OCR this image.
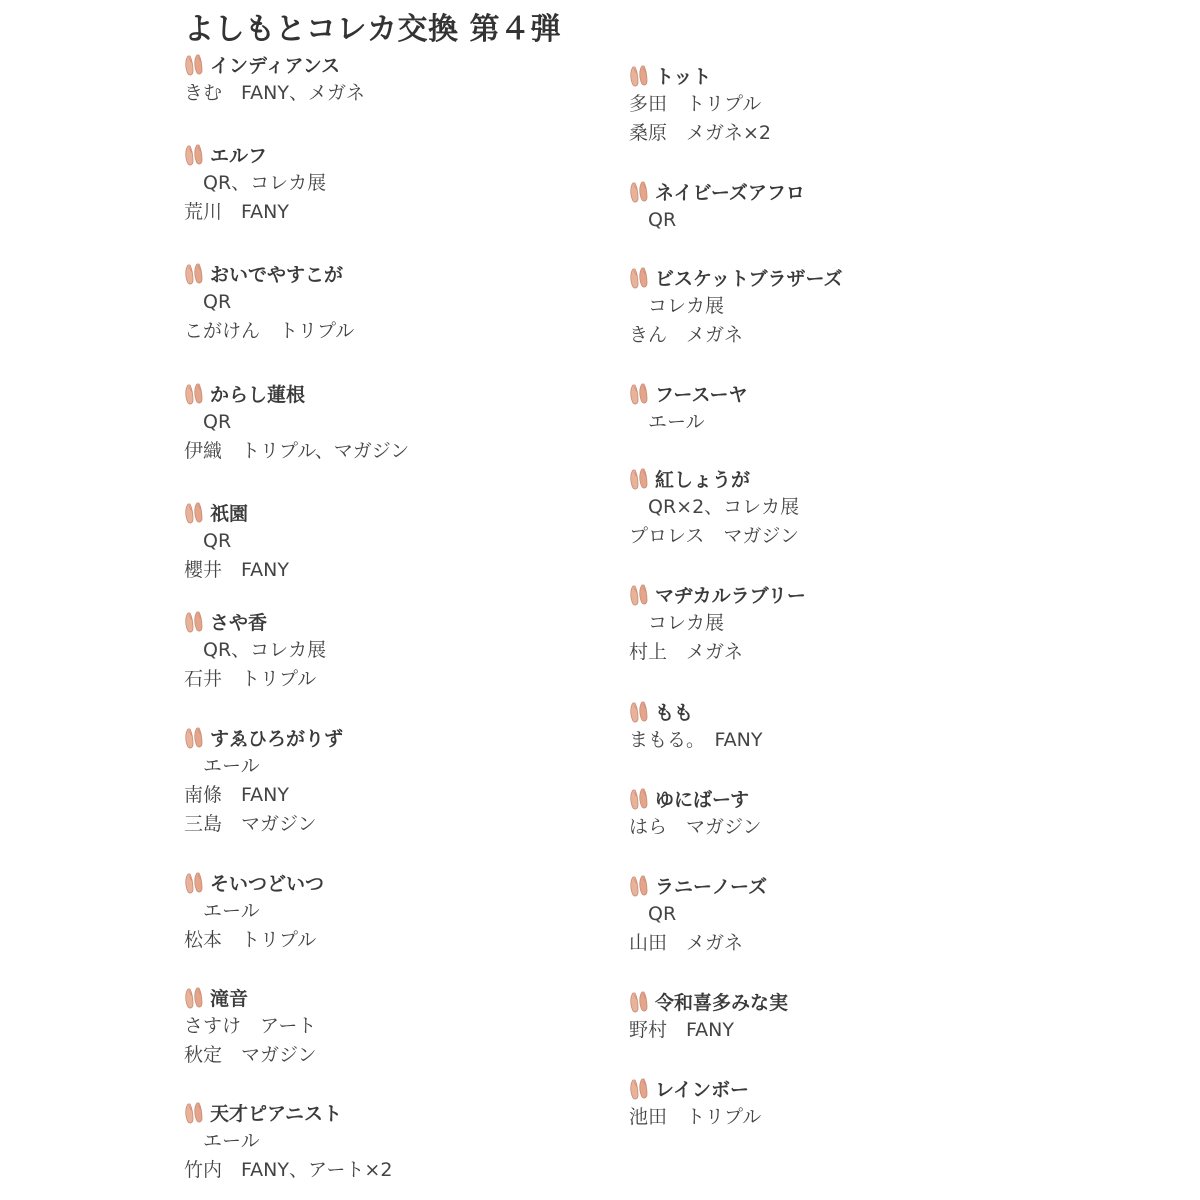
よしもとコレカ交換 第４弾
インディアンス
きむ　FANY、メガネ
エルフ
　QR、コレカ展
荒川　FANY
おいでやすこが
　QR
こがけん　トリプル
からし蓮根
　QR
伊織　トリプル、マガジン
祇園
　QR
櫻井　FANY
さや香
　QR、コレカ展
石井　トリプル
すゑひろがりず
　エール
南條　FANY
三島　マガジン
そいつどいつ
　エール
松本　トリプル
滝音
さすけ　アート
秋定　マガジン
天才ピアニスト
　エール
竹内　FANY、アート×2
トット
多田　トリプル
桑原　メガネ×2
ネイビーズアフロ
　QR
ビスケットブラザーズ
　コレカ展
きん　メガネ
フースーヤ
　エール
紅しょうが
　QR×2、コレカ展
プロレス　マガジン
マヂカルラブリー
　コレカ展
村上　メガネ
もも
まもる。　FANY
ゆにばーす
はら　マガジン
ラニーノーズ
　QR
山田　メガネ
令和喜多みな実
野村　FANY
レインボー
池田　トリプル
